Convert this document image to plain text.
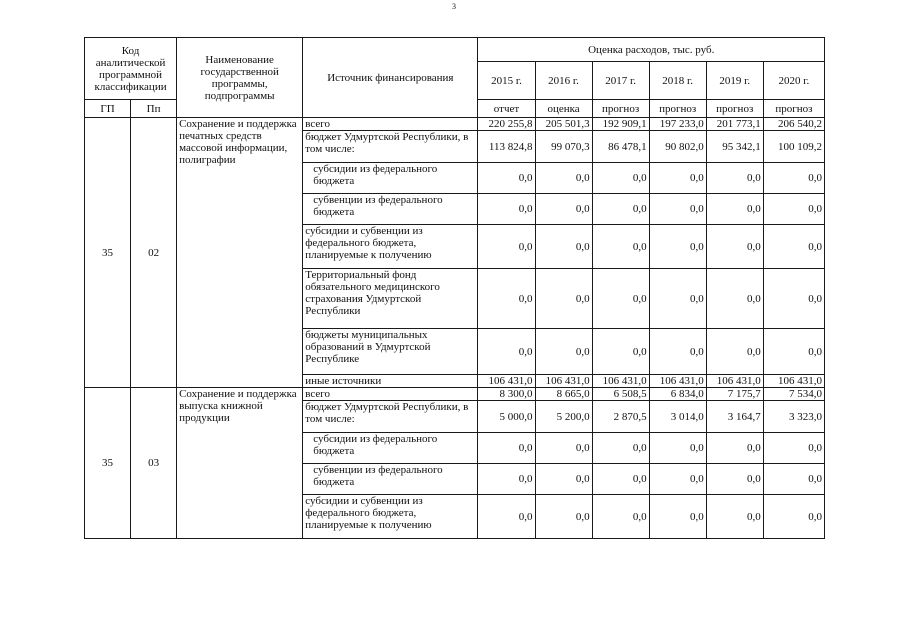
3
Код аналитической программной классификации		Наименование государственной программы, подпрограммы	Источник финансирования	Оценка расходов, тыс. руб.					
				2015 г.	2016 г.	2017 г.	2018 г.	2019 г.	2020 г.
ГП	Пп			отчет	оценка	прогноз	прогноз	прогноз	прогноз
35	02	Сохранение и поддержка печатных средств массовой информации, полиграфии	всего	220 255,8	205 501,3	192 909,1	197 233,0	201 773,1	206 540,2
			бюджет Удмуртской Республики, в том числе:	113 824,8	99 070,3	86 478,1	90 802,0	95 342,1	100 109,2
			субсидии из федерального бюджета	0,0	0,0	0,0	0,0	0,0	0,0
			субвенции из федерального бюджета	0,0	0,0	0,0	0,0	0,0	0,0
			субсидии и субвенции из федерального бюджета, планируемые к получению	0,0	0,0	0,0	0,0	0,0	0,0
			Территориальный фонд обязательного медицинского страхования Удмуртской Республики	0,0	0,0	0,0	0,0	0,0	0,0
			бюджеты муниципальных образований в Удмуртской Республике	0,0	0,0	0,0	0,0	0,0	0,0
			иные источники	106 431,0	106 431,0	106 431,0	106 431,0	106 431,0	106 431,0
35	03	Сохранение и поддержка выпуска книжной продукции	всего	8 300,0	8 665,0	6 508,5	6 834,0	7 175,7	7 534,0
			бюджет Удмуртской Республики, в том числе:	5 000,0	5 200,0	2 870,5	3 014,0	3 164,7	3 323,0
			субсидии из федерального бюджета	0,0	0,0	0,0	0,0	0,0	0,0
			субвенции из федерального бюджета	0,0	0,0	0,0	0,0	0,0	0,0
			субсидии и субвенции из федерального бюджета, планируемые к получению	0,0	0,0	0,0	0,0	0,0	0,0
